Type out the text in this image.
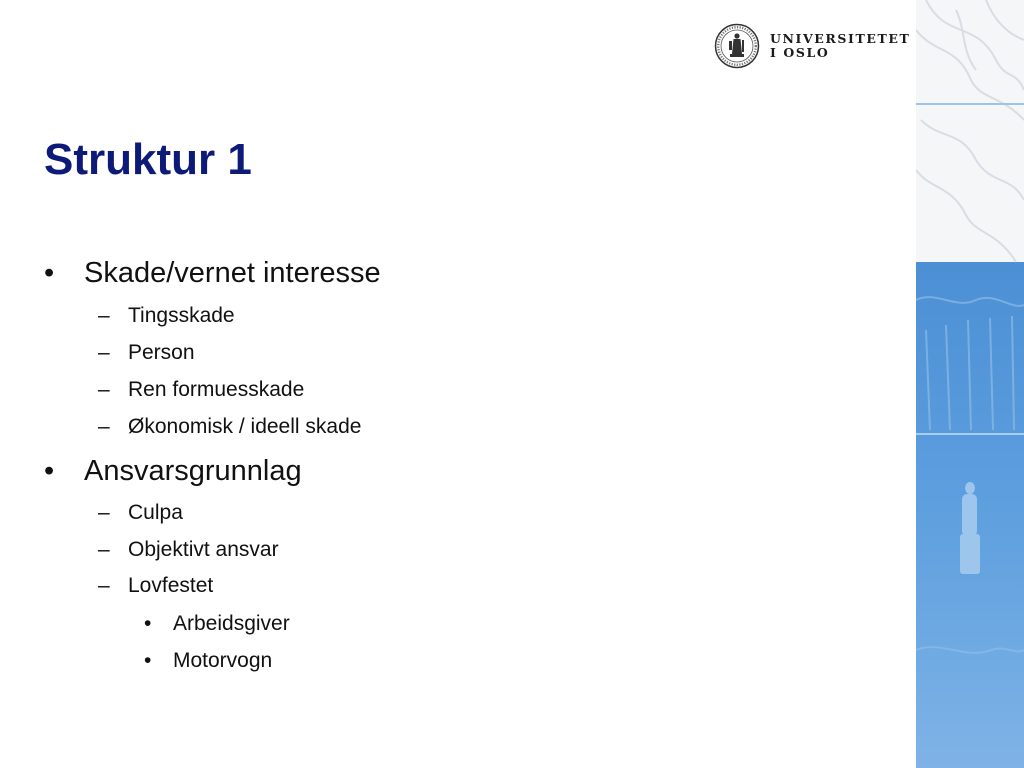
UNIVERSITETET
I OSLO
Struktur 1
• Skade/vernet interesse
– Tingsskade
– Person
– Ren formuesskade
– Økonomisk / ideell skade
• Ansvarsgrunnlag
– Culpa
– Objektivt ansvar
– Lovfestet
• Arbeidsgiver
• Motorvogn
